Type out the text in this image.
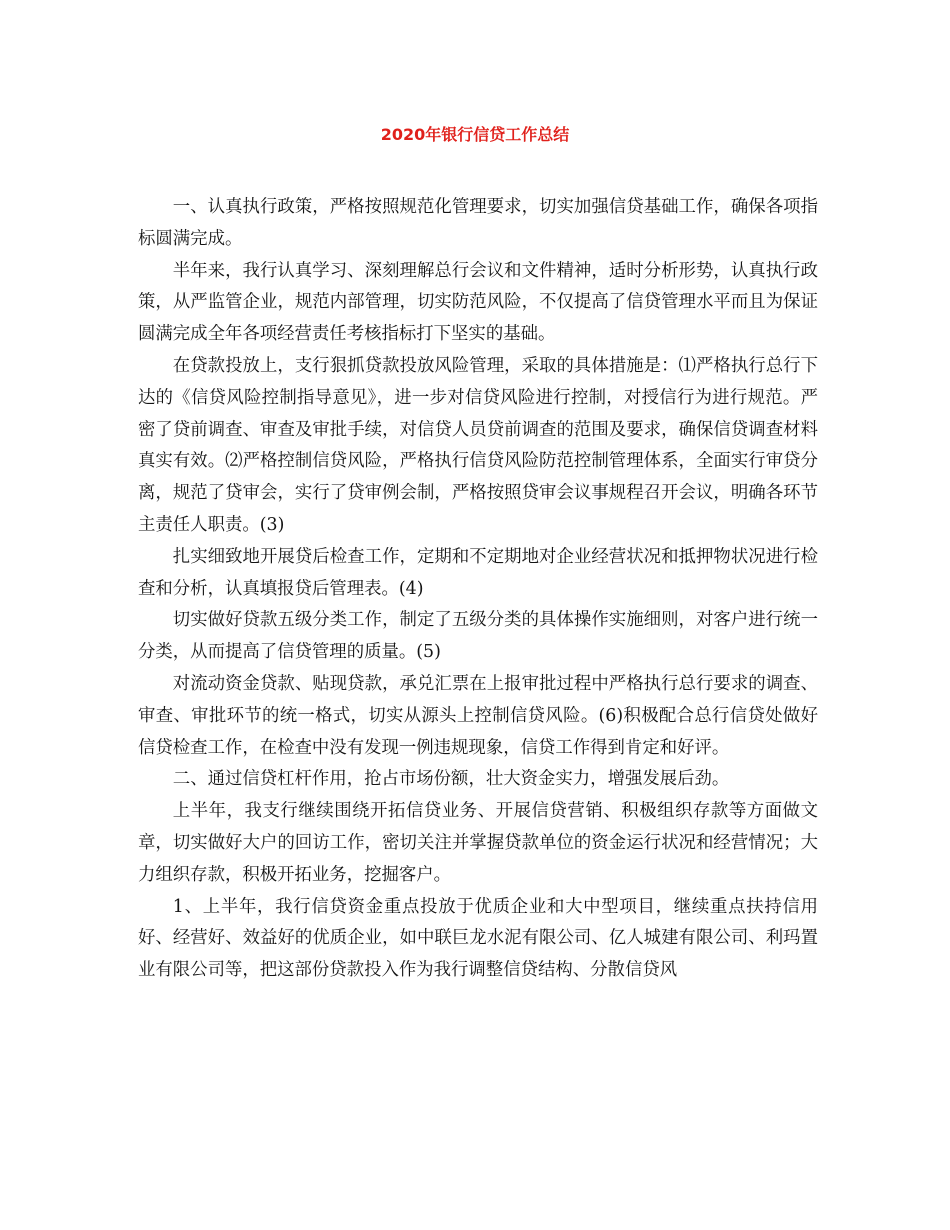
2020年银行信贷工作总结

一、认真执行政策，严格按照规范化管理要求，切实加强信贷基础工作，确保各项指标圆满完成。

半年来，我行认真学习、深刻理解总行会议和文件精神，适时分析形势，认真执行政策，从严监管企业，规范内部管理，切实防范风险，不仅提高了信贷管理水平而且为保证圆满完成全年各项经营责任考核指标打下坚实的基础。

在贷款投放上，支行狠抓贷款投放风险管理，采取的具体措施是：⑴严格执行总行下达的《信贷风险控制指导意见》，进一步对信贷风险进行控制，对授信行为进行规范。严密了贷前调查、审查及审批手续，对信贷人员贷前调查的范围及要求，确保信贷调查材料真实有效。⑵严格控制信贷风险，严格执行信贷风险防范控制管理体系，全面实行审贷分离，规范了贷审会，实行了贷审例会制，严格按照贷审会议事规程召开会议，明确各环节主责任人职责。(3)

扎实细致地开展贷后检查工作，定期和不定期地对企业经营状况和抵押物状况进行检查和分析，认真填报贷后管理表。(4)

切实做好贷款五级分类工作，制定了五级分类的具体操作实施细则，对客户进行统一分类，从而提高了信贷管理的质量。(5)

对流动资金贷款、贴现贷款，承兑汇票在上报审批过程中严格执行总行要求的调查、审查、审批环节的统一格式，切实从源头上控制信贷风险。(6)积极配合总行信贷处做好信贷检查工作，在检查中没有发现一例违规现象，信贷工作得到肯定和好评。

二、通过信贷杠杆作用，抢占市场份额，壮大资金实力，增强发展后劲。

上半年，我支行继续围绕开拓信贷业务、开展信贷营销、积极组织存款等方面做文章，切实做好大户的回访工作，密切关注并掌握贷款单位的资金运行状况和经营情况；大力组织存款，积极开拓业务，挖掘客户。

1、上半年，我行信贷资金重点投放于优质企业和大中型项目，继续重点扶持信用好、经营好、效益好的优质企业，如中联巨龙水泥有限公司、亿人城建有限公司、利玛置业有限公司等，把这部份贷款投入作为我行调整信贷结构、分散信贷风
